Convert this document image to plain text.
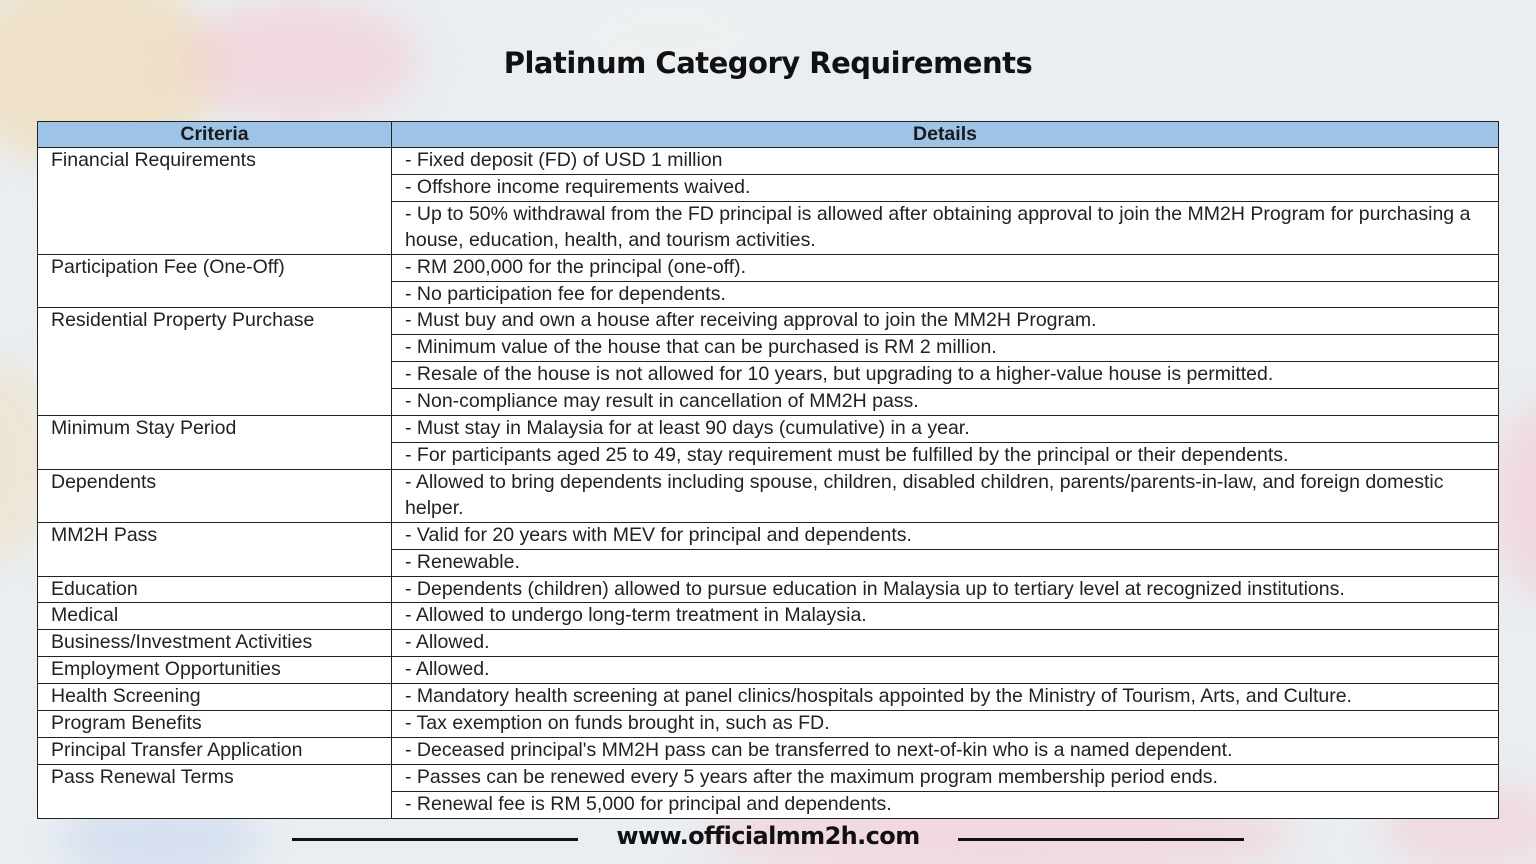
Platinum Category Requirements
Criteria	Details
Financial Requirements	- Fixed deposit (FD) of USD 1 million
	- Offshore income requirements waived.
	- Up to 50% withdrawal from the FD principal is allowed after obtaining approval to join the MM2H Program for purchasing a house, education, health, and tourism activities.
Participation Fee (One-Off)	- RM 200,000 for the principal (one-off).
	- No participation fee for dependents.
Residential Property Purchase	- Must buy and own a house after receiving approval to join the MM2H Program.
	- Minimum value of the house that can be purchased is RM 2 million.
	- Resale of the house is not allowed for 10 years, but upgrading to a higher-value house is permitted.
	- Non-compliance may result in cancellation of MM2H pass.
Minimum Stay Period	- Must stay in Malaysia for at least 90 days (cumulative) in a year.
	- For participants aged 25 to 49, stay requirement must be fulfilled by the principal or their dependents.
Dependents	- Allowed to bring dependents including spouse, children, disabled children, parents/parents-in-law, and foreign domestic helper.
MM2H Pass	- Valid for 20 years with MEV for principal and dependents.
	- Renewable.
Education	- Dependents (children) allowed to pursue education in Malaysia up to tertiary level at recognized institutions.
Medical	- Allowed to undergo long-term treatment in Malaysia.
Business/Investment Activities	- Allowed.
Employment Opportunities	- Allowed.
Health Screening	- Mandatory health screening at panel clinics/hospitals appointed by the Ministry of Tourism, Arts, and Culture.
Program Benefits	- Tax exemption on funds brought in, such as FD.
Principal Transfer Application	- Deceased principal's MM2H pass can be transferred to next-of-kin who is a named dependent.
Pass Renewal Terms	- Passes can be renewed every 5 years after the maximum program membership period ends.
	- Renewal fee is RM 5,000 for principal and dependents.
www.officialmm2h.com
